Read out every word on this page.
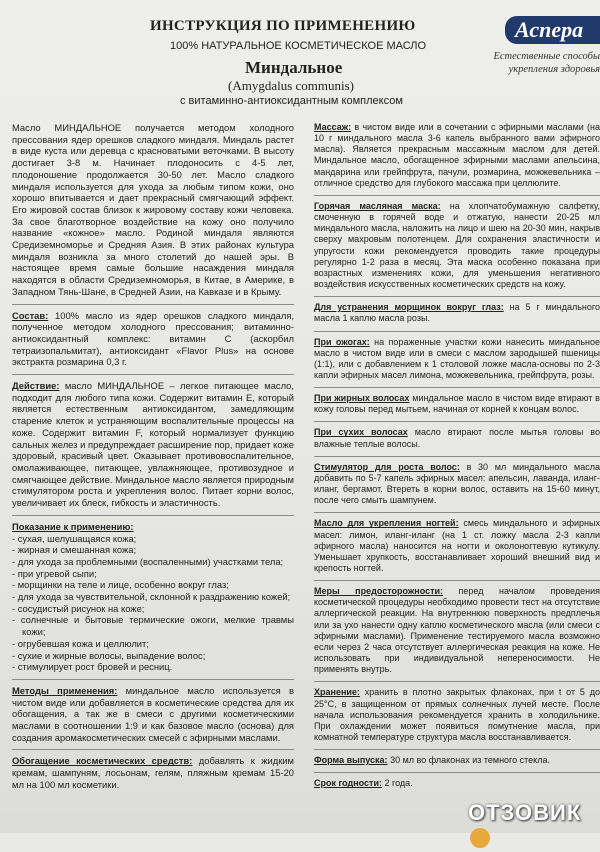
ИНСТРУКЦИЯ ПО ПРИМЕНЕНИЮ
100% НАТУРАЛЬНОЕ КОСМЕТИЧЕСКОЕ МАСЛО
Миндальное
(Amygdalus communis)
с витаминно-антиоксидантным комплексом
Аспера
Естественные способы укрепления здоровья

Масло МИНДАЛЬНОЕ получается методом холодного прессования ядер орешков сладкого миндаля. Миндаль растет в виде куста или деревца с красноватыми веточками. В высоту достигает 3-8 м. Начинает плодоносить с 4-5 лет, плодоношение продолжается 30-50 лет. Масло сладкого миндаля используется для ухода за любым типом кожи, оно хорошо впитывается и дает прекрасный смягчающий эффект. Его жировой состав близок к жировому составу кожи человека. За свое благотворное воздействие на кожу оно получило название «кожное» масло. Родиной миндаля являются Средиземноморье и Средняя Азия. В этих районах культура миндаля возникла за много столетий до нашей эры. В настоящее время самые большие насаждения миндаля находятся в области Средиземноморья, в Китае, в Америке, в Западном Тянь-Шане, в Средней Азии, на Кавказе и в Крыму.

Состав: 100% масло из ядер орешков сладкого миндаля, полученное методом холодного прессования; витаминно-антиоксидантный комплекс: витамин С (аскорбил тетраизопальмитат), антиоксидант «Flavor Plus» на основе экстракта розмарина 0,3 г.

Действие: масло МИНДАЛЬНОЕ – легкое питающее масло, подходит для любого типа кожи. Содержит витамин Е, который является естественным антиоксидантом, замедляющим старение клеток и устраняющим воспалительные процессы на коже. Содержит витамин F, который нормализует функцию сальных желез и предупреждает расширение пор, придает коже здоровый, красивый цвет. Оказывает противовоспалительное, омолаживающее, питающее, увлажняющее, противозудное и смягчающее действие. Миндальное масло является природным стимулятором роста и укрепления волос. Питает корни волос, увеличивает их блеск, гибкость и эластичность.

Показание к применению:
- сухая, шелушащаяся кожа;
- жирная и смешанная кожа;
- для ухода за проблемными (воспаленными) участками тела;
- при угревой сыпи;
- морщинки на теле и лице, особенно вокруг глаз;
- для ухода за чувствительной, склонной к раздражению кожей;
- сосудистый рисунок на коже;
- солнечные и бытовые термические ожоги, мелкие травмы кожи;
- огрубевшая кожа и целлюлит;
- сухие и жирные волосы, выпадение волос;
- стимулирует рост бровей и ресниц.

Методы применения: миндальное масло используется в чистом виде или добавляется в косметические средства для их обогащения, а так же в смеси с другими косметическими маслами в соотношении 1:9 и как базовое масло (основа) для создания аромакосметических смесей с эфирными маслами.

Обогащение косметических средств: добавлять к жидким кремам, шампуням, лосьонам, гелям, пляжным кремам 15-20 мл на 100 мл косметики.

Массаж: в чистом виде или в сочетании с эфирными маслами (на 10 г миндального масла 3-6 капель выбранного вами эфирного масла). Является прекрасным массажным маслом для детей. Миндальное масло, обогащенное эфирными маслами апельсина, мандарина или грейпфрута, пачули, розмарина, можжевельника – отличное средство для глубокого массажа при целлюлите.

Горячая масляная маска: на хлопчатобумажную салфетку, смоченную в горячей воде и отжатую, нанести 20-25 мл миндального масла, наложить на лицо и шею на 20-30 мин, накрыв сверху махровым полотенцем. Для сохранения эластичности и упругости кожи рекомендуется проводить такие процедуры регулярно 1-2 раза в месяц. Эта маска особенно показана при возрастных изменениях кожи, для уменьшения негативного воздействия искусственных косметических средств на кожу.

Для устранения морщинок вокруг глаз: на 5 г миндального масла 1 каплю масла розы.

При ожогах: на пораженные участки кожи нанесить миндальное масло в чистом виде или в смеси с маслом зародышей пшеницы (1:1), или с добавлением к 1 столовой ложке масла-основы по 2-3 капли эфирных масел лимона, можжевельника, грейпфрута, розы.

При жирных волосах миндальное масло в чистом виде втирают в кожу головы перед мытьем, начиная от корней к концам волос.

При сухих волосах масло втирают после мытья головы во влажные теплые волосы.

Стимулятор для роста волос: в 30 мл миндального масла добавить по 5-7 капель эфирных масел: апельсин, лаванда, иланг-иланг, бергамот. Втереть в корни волос, оставить на 15-60 минут, после чего смыть шампунем.

Масло для укрепления ногтей: смесь миндального и эфирных масел: лимон, иланг-иланг (на 1 ст. ложку масла 2-3 капли эфирного масла) наносится на ногти и околоногтевую кутикулу. Уменьшает хрупкость, восстанавливает хороший внешний вид и крепость ногтей.

Меры предосторожности: перед началом проведения косметической процедуры необходимо провести тест на отсутствие аллергической реакции. На внутреннюю поверхность предплечья или за ухо нанести одну каплю косметического масла (или смеси с эфирными маслами). Применение тестируемого масла возможно если через 2 часа отсутствует аллергическая реакция на коже. Не использовать при индивидуальной непереносимости. Не применять внутрь.

Хранение: хранить в плотно закрытых флаконах, при t от 5 до 25°С, в защищенном от прямых солнечных лучей месте. После начала использования рекомендуется хранить в холодильнике. При охлаждении может появиться помутнение масла, при комнатной температуре структура масла восстанавливается.

Форма выпуска: 30 мл во флаконах из темного стекла.

Срок годности: 2 года.

ОТЗОВИК
